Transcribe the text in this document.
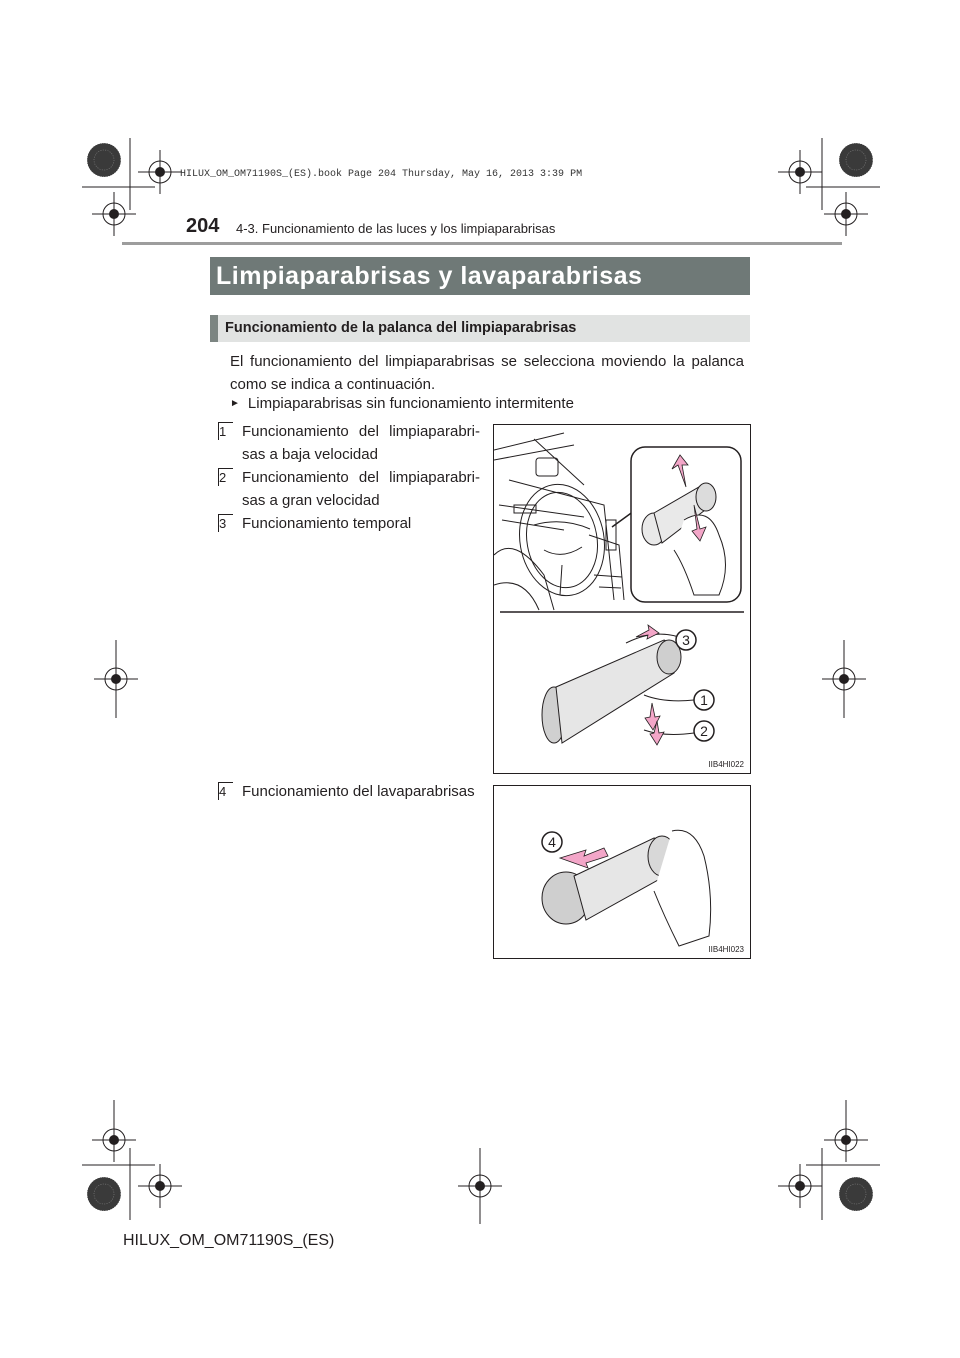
HILUX_OM_OM71190S_(ES).book Page 204 Thursday, May 16, 2013 3:39 PM
204 4-3. Funcionamiento de las luces y los limpiaparabrisas
Limpiaparabrisas y lavaparabrisas
Funcionamiento de la palanca del limpiaparabrisas
El funcionamiento del limpiaparabrisas se selecciona moviendo la palanca como se indica a continuación.
► Limpiaparabrisas sin funcionamiento intermitente
1	Funcionamiento del limpiaparabri-sas a baja velocidad
2	Funcionamiento del limpiaparabri-sas a gran velocidad
3	Funcionamiento temporal
4	Funcionamiento del lavaparabrisas
3
1
2
IIB4HI022
4
IIB4HI023
HILUX_OM_OM71190S_(ES)
